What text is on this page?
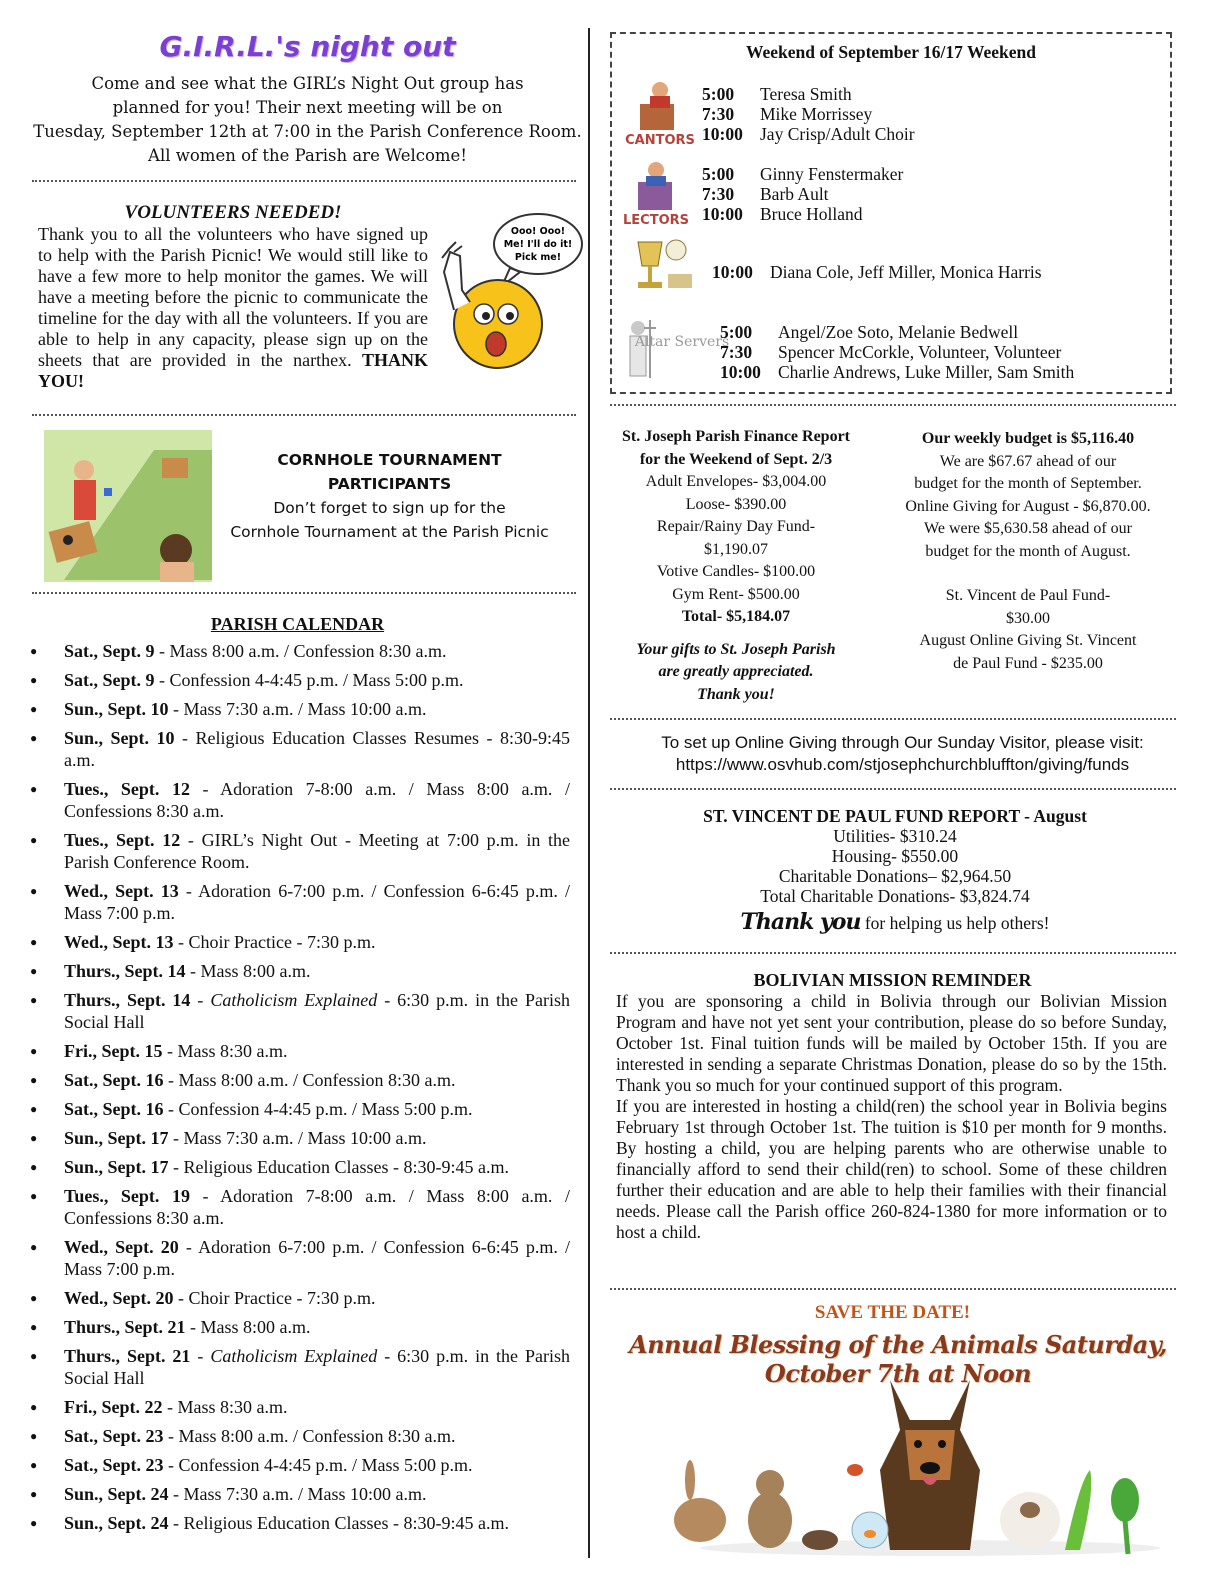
G.I.R.L.'s night out
Come and see what the GIRL’s Night Out group has
planned for you! Their next meeting will be on
Tuesday, September 12th at 7:00 in the Parish Conference Room.
All women of the Parish are Welcome!
VOLUNTEERS NEEDED!
Thank you to all the volunteers who have signed up to help with the Parish Picnic! We would still like to have a few more to help monitor the games. We will have a meeting before the picnic to communicate the timeline for the day with all the volunteers. If you are able to help in any capacity, please sign up on the sheets that are provided in the narthex. THANK YOU!
Ooo! Ooo!
Me! I'll do it!
Pick me!
CORNHOLE TOURNAMENT
PARTICIPANTS
Don’t forget to sign up for the
Cornhole Tournament at the Parish Picnic
PARISH CALENDAR
● Sat., Sept. 9 - Mass 8:00 a.m. / Confession 8:30 a.m.
● Sat., Sept. 9 - Confession 4-4:45 p.m. / Mass 5:00 p.m.
● Sun., Sept. 10 - Mass 7:30 a.m. / Mass 10:00 a.m.
● Sun., Sept. 10 - Religious Education Classes Resumes - 8:30-9:45 a.m.
● Tues., Sept. 12 - Adoration 7-8:00 a.m. / Mass 8:00 a.m. / Confessions 8:30 a.m.
● Tues., Sept. 12 - GIRL’s Night Out - Meeting at 7:00 p.m. in the Parish Conference Room.
● Wed., Sept. 13 - Adoration 6-7:00 p.m. / Confession 6-6:45 p.m. / Mass 7:00 p.m.
● Wed., Sept. 13 - Choir Practice - 7:30 p.m.
● Thurs., Sept. 14 - Mass 8:00 a.m.
● Thurs., Sept. 14 - Catholicism Explained - 6:30 p.m. in the Parish Social Hall
● Fri., Sept. 15 - Mass 8:30 a.m.
● Sat., Sept. 16 - Mass 8:00 a.m. / Confession 8:30 a.m.
● Sat., Sept. 16 - Confession 4-4:45 p.m. / Mass 5:00 p.m.
● Sun., Sept. 17 - Mass 7:30 a.m. / Mass 10:00 a.m.
● Sun., Sept. 17 - Religious Education Classes - 8:30-9:45 a.m.
● Tues., Sept. 19 - Adoration 7-8:00 a.m. / Mass 8:00 a.m. / Confessions 8:30 a.m.
● Wed., Sept. 20 - Adoration 6-7:00 p.m. / Confession 6-6:45 p.m. / Mass 7:00 p.m.
● Wed., Sept. 20 - Choir Practice - 7:30 p.m.
● Thurs., Sept. 21 - Mass 8:00 a.m.
● Thurs., Sept. 21 - Catholicism Explained - 6:30 p.m. in the Parish Social Hall
● Fri., Sept. 22 - Mass 8:30 a.m.
● Sat., Sept. 23 - Mass 8:00 a.m. / Confession 8:30 a.m.
● Sat., Sept. 23 - Confession 4-4:45 p.m. / Mass 5:00 p.m.
● Sun., Sept. 24 - Mass 7:30 a.m. / Mass 10:00 a.m.
● Sun., Sept. 24 - Religious Education Classes - 8:30-9:45 a.m.
Weekend of September 16/17 Weekend
CANTORS
5:00 Teresa Smith
7:30 Mike Morrissey
10:00 Jay Crisp/Adult Choir
LECTORS
5:00 Ginny Fenstermaker
7:30 Barb Ault
10:00 Bruce Holland
10:00 Diana Cole, Jeff Miller, Monica Harris
Altar Servers
5:00 Angel/Zoe Soto, Melanie Bedwell
7:30 Spencer McCorkle, Volunteer, Volunteer
10:00 Charlie Andrews, Luke Miller, Sam Smith
St. Joseph Parish Finance Report
for the Weekend of Sept. 2/3
Adult Envelopes- $3,004.00
Loose- $390.00
Repair/Rainy Day Fund-
$1,190.07
Votive Candles- $100.00
Gym Rent- $500.00
Total- $5,184.07
Your gifts to St. Joseph Parish
are greatly appreciated.
Thank you!
Our weekly budget is $5,116.40
We are $67.67 ahead of our
budget for the month of September.
Online Giving for August - $6,870.00.
We were $5,630.58 ahead of our
budget for the month of August.
St. Vincent de Paul Fund-
$30.00
August Online Giving St. Vincent
de Paul Fund - $235.00
To set up Online Giving through Our Sunday Visitor, please visit:
https://www.osvhub.com/stjosephchurchbluffton/giving/funds
ST. VINCENT DE PAUL FUND REPORT - August
Utilities- $310.24
Housing- $550.00
Charitable Donations– $2,964.50
Total Charitable Donations- $3,824.74
Thank you for helping us help others!
BOLIVIAN MISSION REMINDER
If you are sponsoring a child in Bolivia through our Bolivian Mission Program and have not yet sent your contribution, please do so before Sunday, October 1st. Final tuition funds will be mailed by October 15th. If you are interested in sending a separate Christmas Donation, please do so by the 15th. Thank you so much for your continued support of this program.
If you are interested in hosting a child(ren) the school year in Bolivia begins February 1st through October 1st. The tuition is $10 per month for 9 months. By hosting a child, you are helping parents who are otherwise unable to financially afford to send their child(ren) to school. Some of these children further their education and are able to help their families with their financial needs. Please call the Parish office 260-824-1380 for more information or to host a child.
SAVE THE DATE!
Annual Blessing of the Animals Saturday, October 7th at Noon
